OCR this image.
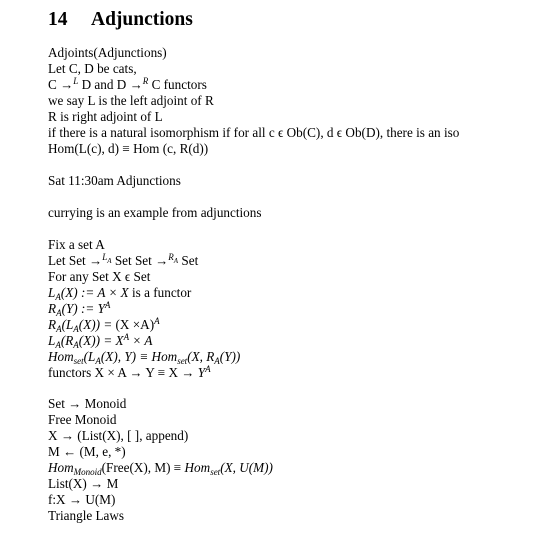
14 Adjunctions

Adjoints(Adjunctions)

Let C, D be cats,

C →$^L$ D and D →$^R$ C functors

we say L is the left adjoint of R

R is right adjoint of L

if there is a natural isomorphism if for all c ϵ Ob(C), d ϵ Ob(D), there is an iso

Hom(L(c), d) ≡ Hom (c, R(d))

Sat 11:30am Adjunctions

currying is an example from adjunctions

Fix a set A

Let Set →$^{L_A}$ Set Set →$^{R_A}$ Set

For any Set X ϵ Set

$L_A(X)$ := A × X is a functor

$R_A(Y)$ := $Y^A$

$R_A(L_A(X)) = (X \times A)^A$

$L_A(R_A(X)) = X^A \times A$

$Hom_{set}(L_A(X)$, Y) ≡ Hom$_{set}$(X, $R_A(Y)$)

functors $X \times A \to Y \equiv X \to Y^A$

Set → Monoid

Free Monoid

X → (List(X), [ ], append)

M ← (M, e, *)

Hom$_{Monoid}$(Free(X), M) ≡ Hom$_{set}$(X, U(M))

List(X) → M

f:X → U(M)

Triangle Laws
